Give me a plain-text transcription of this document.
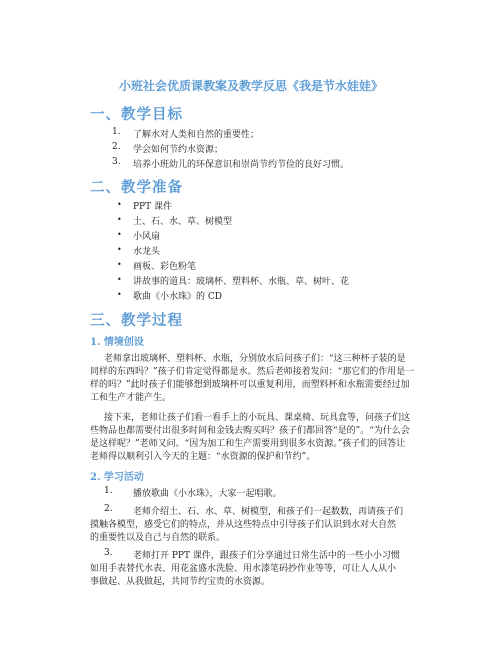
小班社会优质课教案及教学反思《我是节水娃娃》
一、教学目标
1. 了解水对人类和自然的重要性；
2. 学会如何节约水资源；
3. 培养小班幼儿的环保意识和崇尚节约节俭的良好习惯。
二、教学准备
• PPT 课件
• 土、石、水、草、树模型
• 小风扇
• 水龙头
• 画板、彩色粉笔
• 讲故事的道具：玻璃杯、塑料杯、水瓶、草、树叶、花
• 歌曲《小水珠》的 CD
三、教学过程
1. 情境创设
老师拿出玻璃杯、塑料杯、水瓶，分别放水后问孩子们：“这三种杯子装的是
同样的东西吗？”孩子们肯定觉得都是水。然后老师接着发问：“那它们的作用是一
样的吗？”此时孩子们能够想到玻璃杯可以重复利用，而塑料杯和水瓶需要经过加
工和生产才能产生。
接下来，老师让孩子们看一看手上的小玩具、课桌椅、玩具盒等，问孩子们这
些物品也都需要付出很多时间和金钱去购买吗？孩子们都回答“是的”。“为什么会
是这样呢？”老师又问。“因为加工和生产需要用到很多水资源。”孩子们的回答让
老师得以顺利引入今天的主题：“水资源的保护和节约”。
2. 学习活动
1. 播放歌曲《小水珠》，大家一起唱歌。
2. 老师介绍土、石、水、草、树模型，和孩子们一起数数，再请孩子们
摸触各模型，感受它们的特点，并从这些特点中引导孩子们认识到水对大自然
的重要性以及自己与自然的联系。
3. 老师打开 PPT 课件，跟孩子们分享通过日常生活中的一些小小习惯
如用手表替代水表、用花盆盛水洗脸、用水漆笔码抄作业等等，可让人人从小
事做起、从我做起，共同节约宝贵的水资源。
